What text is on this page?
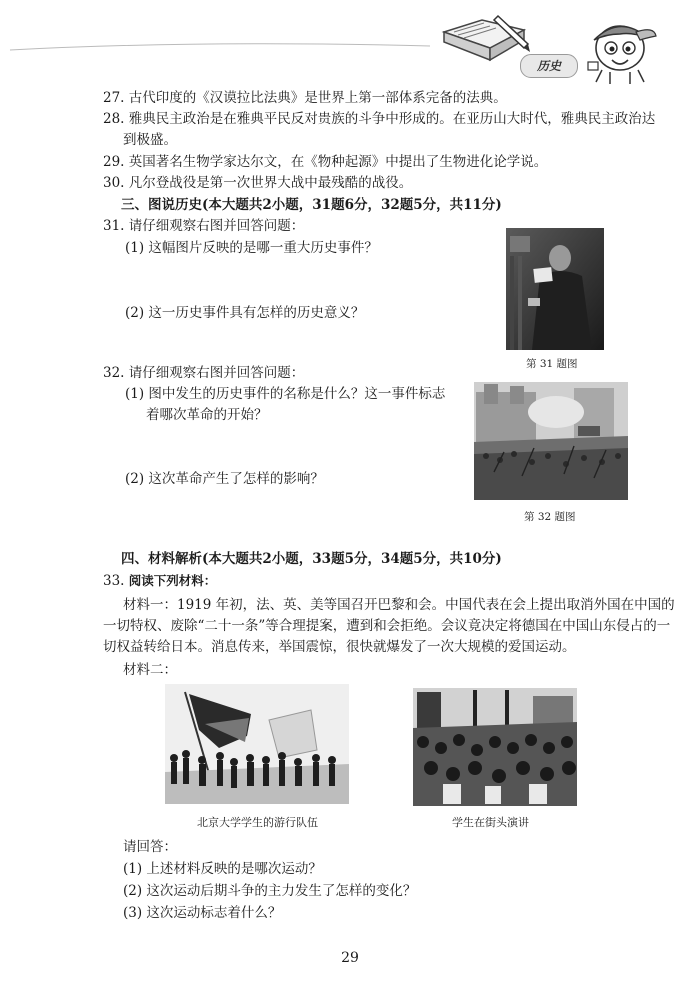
历史
27. 古代印度的《汉谟拉比法典》是世界上第一部体系完备的法典。
28. 雅典民主政治是在雅典平民反对贵族的斗争中形成的。在亚历山大时代，雅典民主政治达
到极盛。
29. 英国著名生物学家达尔文，在《物种起源》中提出了生物进化论学说。
30. 凡尔登战役是第一次世界大战中最残酷的战役。
三、图说历史(本大题共2小题，31题6分，32题5分，共11分)
31. 请仔细观察右图并回答问题：
(1) 这幅图片反映的是哪一重大历史事件？
(2) 这一历史事件具有怎样的历史意义？
第 31 题图
32. 请仔细观察右图并回答问题：
(1) 图中发生的历史事件的名称是什么？这一事件标志
着哪次革命的开始？
(2) 这次革命产生了怎样的影响？
第 32 题图
四、材料解析(本大题共2小题，33题5分，34题5分，共10分)
33. 阅读下列材料：
材料一：1919 年初，法、英、美等国召开巴黎和会。中国代表在会上提出取消外国在中国的
一切特权、废除“二十一条”等合理提案，遭到和会拒绝。会议竟决定将德国在中国山东侵占的一
切权益转给日本。消息传来，举国震惊，很快就爆发了一次大规模的爱国运动。
材料二：
北京大学学生的游行队伍	学生在街头演讲
请回答：
(1) 上述材料反映的是哪次运动？
(2) 这次运动后期斗争的主力发生了怎样的变化？
(3) 这次运动标志着什么？
29
